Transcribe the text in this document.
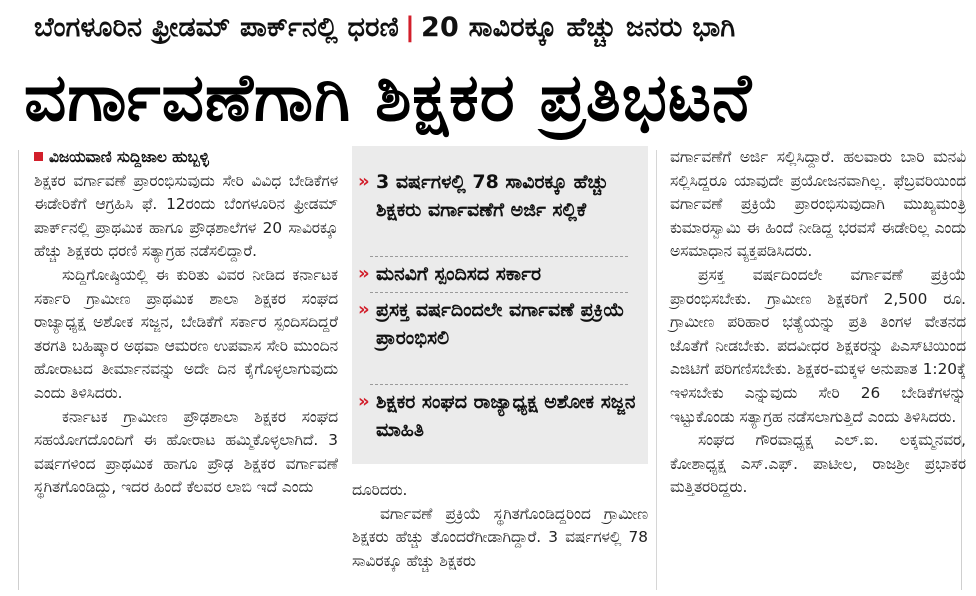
ಬೆಂಗಳೂರಿನ ಫ್ರೀಡಮ್ ಪಾರ್ಕ್‌ನಲ್ಲಿ ಧರಣಿ | 20 ಸಾವಿರಕ್ಕೂ ಹೆಚ್ಚು ಜನರು ಭಾಗಿ
ವರ್ಗಾವಣೆಗಾಗಿ ಶಿಕ್ಷಕರ ಪ್ರತಿಭಟನೆ

ವಿಜಯವಾಣಿ ಸುದ್ದಿಜಾಲ ಹುಬ್ಬಳ್ಳಿ

ಶಿಕ್ಷಕರ ವರ್ಗಾವಣೆ ಪ್ರಾರಂಭಿಸುವುದು ಸೇರಿ ವಿವಿಧ ಬೇಡಿಕೆಗಳ ಈಡೇರಿಕೆಗೆ ಆಗ್ರಹಿಸಿ ಫೆ. 12ರಂದು ಬೆಂಗಳೂರಿನ ಫ್ರೀಡಮ್ ಪಾರ್ಕ್‌ನಲ್ಲಿ ಪ್ರಾಥಮಿಕ ಹಾಗೂ ಪ್ರೌಢಶಾಲೆಗಳ 20 ಸಾವಿರಕ್ಕೂ ಹೆಚ್ಚು ಶಿಕ್ಷಕರು ಧರಣಿ ಸತ್ಯಾಗ್ರಹ ನಡೆಸಲಿದ್ದಾರೆ.

ಸುದ್ದಿಗೋಷ್ಠಿಯಲ್ಲಿ ಈ ಕುರಿತು ವಿವರ ನೀಡಿದ ಕರ್ನಾಟಕ ಸರ್ಕಾರಿ ಗ್ರಾಮೀಣ ಪ್ರಾಥಮಿಕ ಶಾಲಾ ಶಿಕ್ಷಕರ ಸಂಘದ ರಾಜ್ಯಾಧ್ಯಕ್ಷ ಅಶೋಕ ಸಜ್ಜನ, ಬೇಡಿಕೆಗೆ ಸರ್ಕಾರ ಸ್ಪಂದಿಸದಿದ್ದರೆ ತರಗತಿ ಬಹಿಷ್ಕಾರ ಅಥವಾ ಆಮರಣ ಉಪವಾಸ ಸೇರಿ ಮುಂದಿನ ಹೋರಾಟದ ತೀರ್ಮಾನವನ್ನು ಅದೇ ದಿನ ಕೈಗೊಳ್ಳಲಾಗುವುದು ಎಂದು ತಿಳಿಸಿದರು.

ಕರ್ನಾಟಕ ಗ್ರಾಮೀಣ ಪ್ರೌಢಶಾಲಾ ಶಿಕ್ಷಕರ ಸಂಘದ ಸಹಯೋಗದೊಂದಿಗೆ ಈ ಹೋರಾಟ ಹಮ್ಮಿಕೊಳ್ಳಲಾಗಿದೆ. 3 ವರ್ಷಗಳಿಂದ ಪ್ರಾಥಮಿಕ ಹಾಗೂ ಪ್ರೌಢ ಶಿಕ್ಷಕರ ವರ್ಗಾವಣೆ ಸ್ಥಗಿತಗೊಂಡಿದ್ದು, ಇದರ ಹಿಂದೆ ಕೆಲವರ ಲಾಬಿ ಇದೆ ಎಂದು

» 3 ವರ್ಷಗಳಲ್ಲಿ 78 ಸಾವಿರಕ್ಕೂ ಹೆಚ್ಚು ಶಿಕ್ಷಕರು ವರ್ಗಾವಣೆಗೆ ಅರ್ಜಿ ಸಲ್ಲಿಕೆ
» ಮನವಿಗೆ ಸ್ಪಂದಿಸದ ಸರ್ಕಾರ
» ಪ್ರಸಕ್ತ ವರ್ಷದಿಂದಲೇ ವರ್ಗಾವಣೆ ಪ್ರಕ್ರಿಯೆ ಪ್ರಾರಂಭಿಸಲಿ
» ಶಿಕ್ಷಕರ ಸಂಘದ ರಾಜ್ಯಾಧ್ಯಕ್ಷ ಅಶೋಕ ಸಜ್ಜನ ಮಾಹಿತಿ

ದೂರಿದರು.

ವರ್ಗಾವಣೆ ಪ್ರಕ್ರಿಯೆ ಸ್ಥಗಿತಗೊಂಡಿದ್ದರಿಂದ ಗ್ರಾಮೀಣ ಶಿಕ್ಷಕರು ಹೆಚ್ಚು ತೊಂದರೆಗೀಡಾಗಿದ್ದಾರೆ. 3 ವರ್ಷಗಳಲ್ಲಿ 78 ಸಾವಿರಕ್ಕೂ ಹೆಚ್ಚು ಶಿಕ್ಷಕರು

ವರ್ಗಾವಣೆಗೆ ಅರ್ಜಿ ಸಲ್ಲಿಸಿದ್ದಾರೆ. ಹಲವಾರು ಬಾರಿ ಮನವಿ ಸಲ್ಲಿಸಿದ್ದರೂ ಯಾವುದೇ ಪ್ರಯೋಜನವಾಗಿಲ್ಲ. ಫೆಬ್ರವರಿಯಿಂದ ವರ್ಗಾವಣೆ ಪ್ರಕ್ರಿಯೆ ಪ್ರಾರಂಭಿಸುವುದಾಗಿ ಮುಖ್ಯಮಂತ್ರಿ ಕುಮಾರಸ್ವಾಮಿ ಈ ಹಿಂದೆ ನೀಡಿದ್ದ ಭರವಸೆ ಈಡೇರಿಲ್ಲ ಎಂದು ಅಸಮಾಧಾನ ವ್ಯಕ್ತಪಡಿಸಿದರು.

ಪ್ರಸಕ್ತ ವರ್ಷದಿಂದಲೇ ವರ್ಗಾವಣೆ ಪ್ರಕ್ರಿಯೆ ಪ್ರಾರಂಭಿಸಬೇಕು. ಗ್ರಾಮೀಣ ಶಿಕ್ಷಕರಿಗೆ 2,500 ರೂ. ಗ್ರಾಮೀಣ ಪರಿಹಾರ ಭತ್ಯೆಯನ್ನು ಪ್ರತಿ ತಿಂಗಳ ವೇತನದ ಜೊತೆಗೆ ನೀಡಬೇಕು. ಪದವೀಧರ ಶಿಕ್ಷಕರನ್ನು ಪಿಎಸ್‌ಟಿಯಿಂದ ಎಜಿಟಿಗೆ ಪರಿಗಣಿಸಬೇಕು. ಶಿಕ್ಷಕರ-ಮಕ್ಕಳ ಅನುಪಾತ 1:20ಕ್ಕೆ ಇಳಿಸಬೇಕು ಎನ್ನುವುದು ಸೇರಿ 26 ಬೇಡಿಕೆಗಳನ್ನು ಇಟ್ಟುಕೊಂಡು ಸತ್ಯಾಗ್ರಹ ನಡೆಸಲಾಗುತ್ತಿದೆ ಎಂದು ತಿಳಿಸಿದರು.

ಸಂಘದ ಗೌರವಾಧ್ಯಕ್ಷ ಎಲ್.ಐ. ಲಕ್ಕಮ್ಮನವರ, ಕೋಶಾಧ್ಯಕ್ಷ ಎಸ್.ಎಫ್. ಪಾಟೀಲ, ರಾಜಶ್ರೀ ಪ್ರಭಾಕರ ಮತ್ತಿತರರಿದ್ದರು.
